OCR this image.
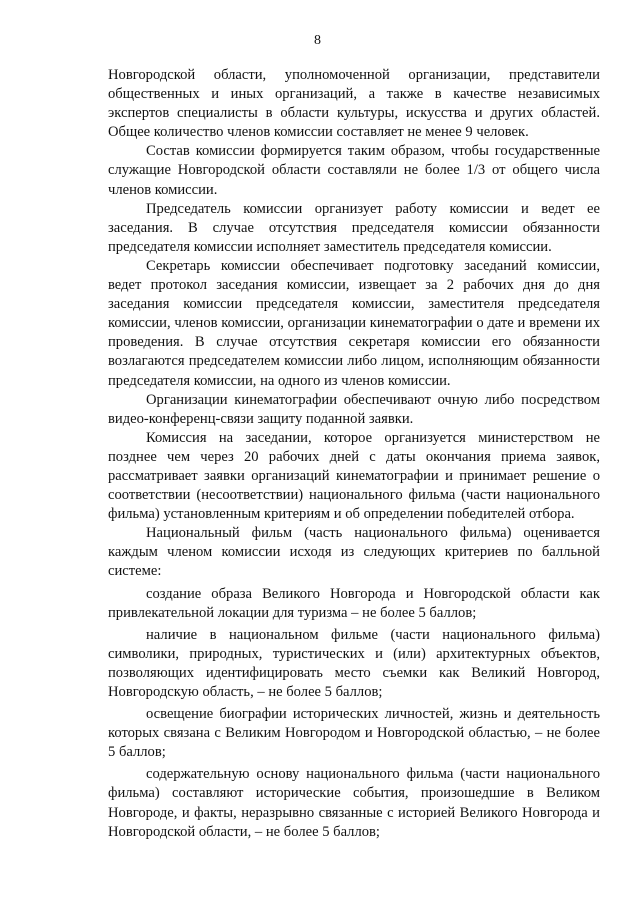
8

Новгородской области, уполномоченной организации, представители общественных и иных организаций, а также в качестве независимых экспертов специалисты в области культуры, искусства и других областей. Общее количество членов комиссии составляет не менее 9 человек.

Состав комиссии формируется таким образом, чтобы государственные служащие Новгородской области составляли не более 1/3 от общего числа членов комиссии.

Председатель комиссии организует работу комиссии и ведет ее заседания. В случае отсутствия председателя комиссии обязанности председателя комиссии исполняет заместитель председателя комиссии.

Секретарь комиссии обеспечивает подготовку заседаний комиссии, ведет протокол заседания комиссии, извещает за 2 рабочих дня до дня заседания комиссии председателя комиссии, заместителя председателя комиссии, членов комиссии, организации кинематографии о дате и времени их проведения. В случае отсутствия секретаря комиссии его обязанности возлагаются председателем комиссии либо лицом, исполняющим обязанности председателя комиссии, на одного из членов комиссии.

Организации кинематографии обеспечивают очную либо посредством видео-конференц-связи защиту поданной заявки.

Комиссия на заседании, которое организуется министерством не позднее чем через 20 рабочих дней с даты окончания приема заявок, рассматривает заявки организаций кинематографии и принимает решение о соответствии (несоответствии) национального фильма (части национального фильма) установленным критериям и об определении победителей отбора.

Национальный фильм (часть национального фильма) оценивается каждым членом комиссии исходя из следующих критериев по балльной системе:

создание образа Великого Новгорода и Новгородской области как привлекательной локации для туризма – не более 5 баллов;

наличие в национальном фильме (части национального фильма) символики, природных, туристических и (или) архитектурных объектов, позволяющих идентифицировать место съемки как Великий Новгород, Новгородскую область, – не более 5 баллов;

освещение биографии исторических личностей, жизнь и деятельность которых связана с Великим Новгородом и Новгородской областью, – не более 5 баллов;

содержательную основу национального фильма (части национального фильма) составляют исторические события, произошедшие в Великом Новгороде, и факты, неразрывно связанные с историей Великого Новгорода и Новгородской области, – не более 5 баллов;
